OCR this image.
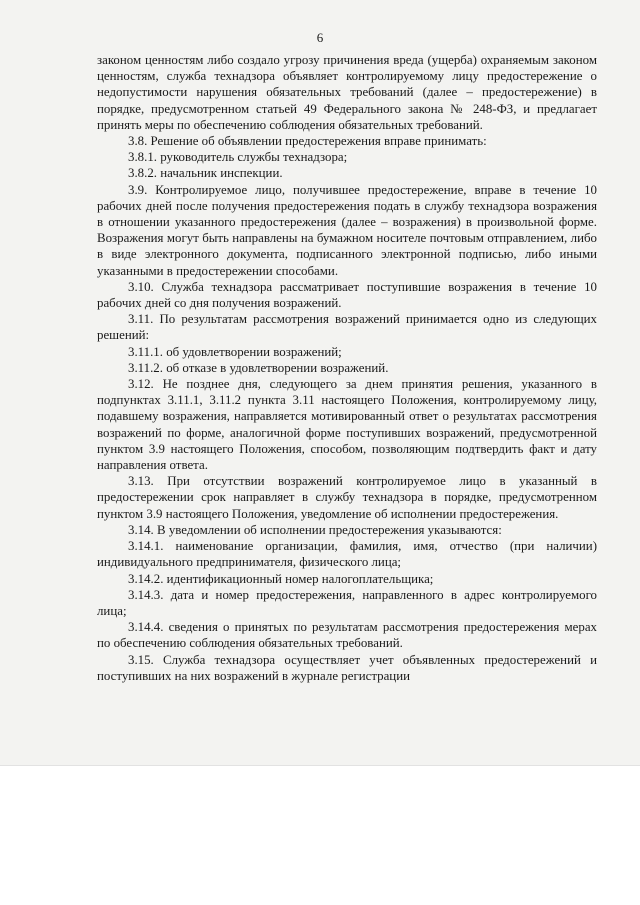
6

законом ценностям либо создало угрозу причинения вреда (ущерба) охраняемым законом ценностям, служба технадзора объявляет контролируемому лицу предостережение о недопустимости нарушения обязательных требований (далее – предостережение) в порядке, предусмотренном статьей 49 Федерального закона № 248-ФЗ, и предлагает принять меры по обеспечению соблюдения обязательных требований.

3.8. Решение об объявлении предостережения вправе принимать:

3.8.1. руководитель службы технадзора;

3.8.2. начальник инспекции.

3.9. Контролируемое лицо, получившее предостережение, вправе в течение 10 рабочих дней после получения предостережения подать в службу технадзора возражения в отношении указанного предостережения (далее – возражения) в произвольной форме. Возражения могут быть направлены на бумажном носителе почтовым отправлением, либо в виде электронного документа, подписанного электронной подписью, либо иными указанными в предостережении способами.

3.10. Служба технадзора рассматривает поступившие возражения в течение 10 рабочих дней со дня получения возражений.

3.11. По результатам рассмотрения возражений принимается одно из следующих решений:

3.11.1. об удовлетворении возражений;

3.11.2. об отказе в удовлетворении возражений.

3.12. Не позднее дня, следующего за днем принятия решения, указанного в подпунктах 3.11.1, 3.11.2 пункта 3.11 настоящего Положения, контролируемому лицу, подавшему возражения, направляется мотивированный ответ о результатах рассмотрения возражений по форме, аналогичной форме поступивших возражений, предусмотренной пунктом 3.9 настоящего Положения, способом, позволяющим подтвердить факт и дату направления ответа.

3.13. При отсутствии возражений контролируемое лицо в указанный в предостережении срок направляет в службу технадзора в порядке, предусмотренном пунктом 3.9 настоящего Положения, уведомление об исполнении предостережения.

3.14. В уведомлении об исполнении предостережения указываются:

3.14.1. наименование организации, фамилия, имя, отчество (при наличии) индивидуального предпринимателя, физического лица;

3.14.2. идентификационный номер налогоплательщика;

3.14.3. дата и номер предостережения, направленного в адрес контролируемого лица;

3.14.4. сведения о принятых по результатам рассмотрения предостережения мерах по обеспечению соблюдения обязательных требований.

3.15. Служба технадзора осуществляет учет объявленных предостережений и поступивших на них возражений в журнале регистрации
